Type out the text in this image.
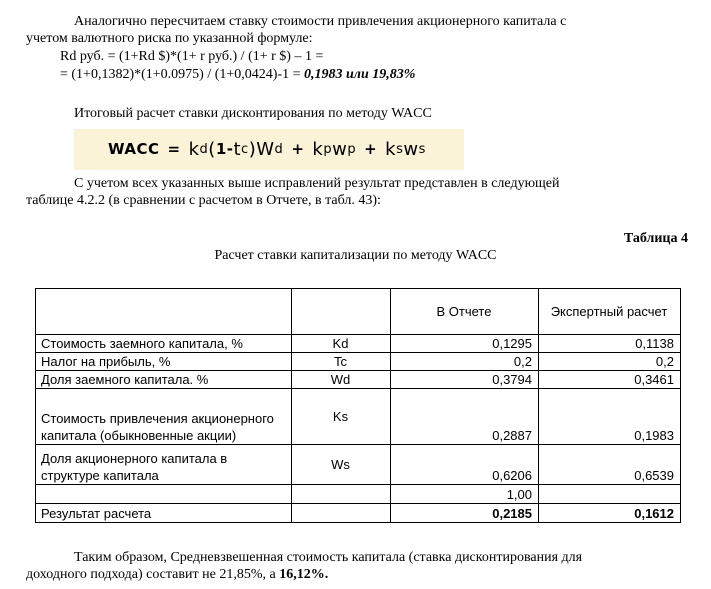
Аналогично пересчитаем ставку стоимости привлечения акционерного капитала с
учетом валютного риска по указанной формуле:
Rd руб. = (1+Rd $)*(1+ r руб.) / (1+ r $) – 1 =
= (1+0,1382)*(1+0.0975) / (1+0,0424)-1 = 0,1983 или 19,83%
Итоговый расчет ставки дисконтирования по методу WACC
WACC = k d ( 1 - t c ) W d + k p w p + k s w s
С учетом всех указанных выше исправлений результат представлен в следующей
таблице 4.2.2 (в сравнении с расчетом в Отчете, в табл. 43):
Таблица 4
Расчет ставки капитализации по методу WACC
		В Отчете	Экспертный расчет
Стоимость заемного капитала, %	Kd	0,1295	0,1138
Налог на прибыль, %	Tc	0,2	0,2
Доля заемного капитала. %	Wd	0,3794	0,3461
Стоимость привлечения акционерного капитала (обыкновенные акции)	Ks	0,2887	0,1983
Доля акционерного капитала в структуре капитала	Ws	0,6206	0,6539
		1,00	
Результат расчета		0,2185	0,1612
Таким образом, Средневзвешенная стоимость капитала (ставка дисконтирования для
доходного подхода) составит не 21,85%, а 16,12%.
